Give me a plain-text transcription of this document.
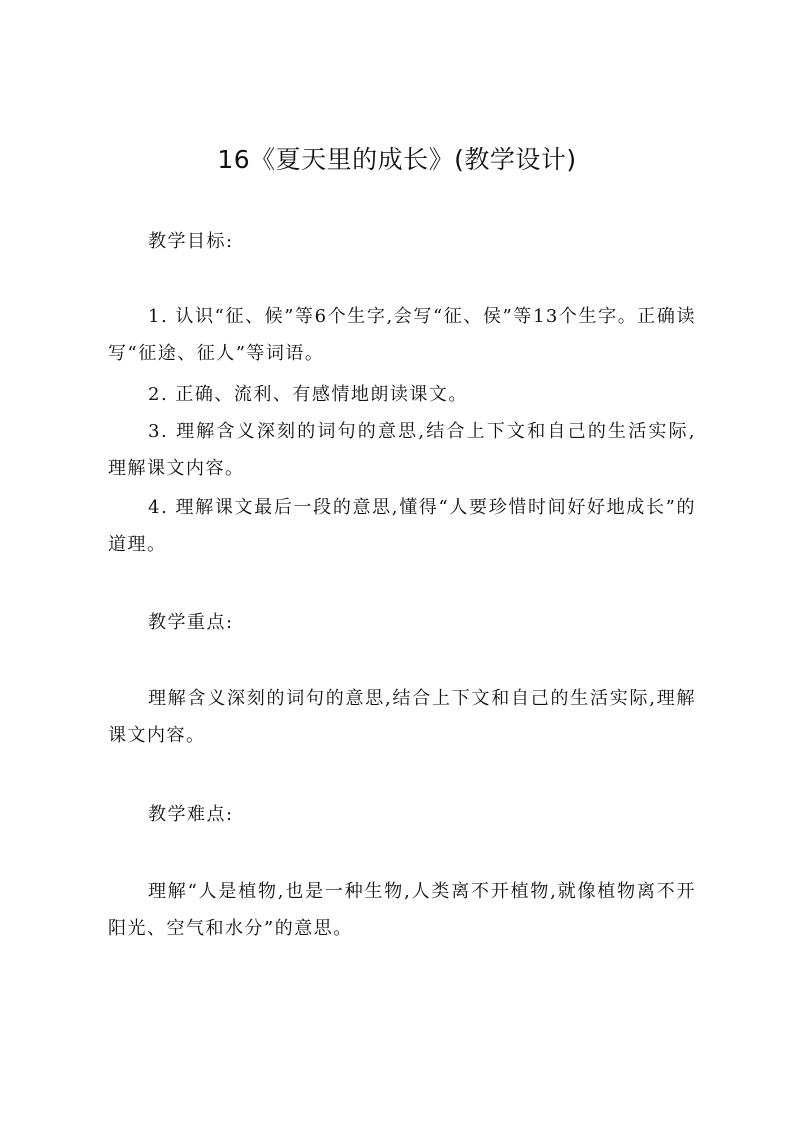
16《夏天里的成长》(教学设计)

教学目标:

1. 认识“征、候”等6个生字,会写“征、侯”等13个生字。正确读写“征途、征人”等词语。

2. 正确、流利、有感情地朗读课文。

3. 理解含义深刻的词句的意思,结合上下文和自己的生活实际,理解课文内容。

4. 理解课文最后一段的意思,懂得“人要珍惜时间好好地成长”的道理。

教学重点:

理解含义深刻的词句的意思,结合上下文和自己的生活实际,理解课文内容。

教学难点:

理解“人是植物,也是一种生物,人类离不开植物,就像植物离不开阳光、空气和水分”的意思。
